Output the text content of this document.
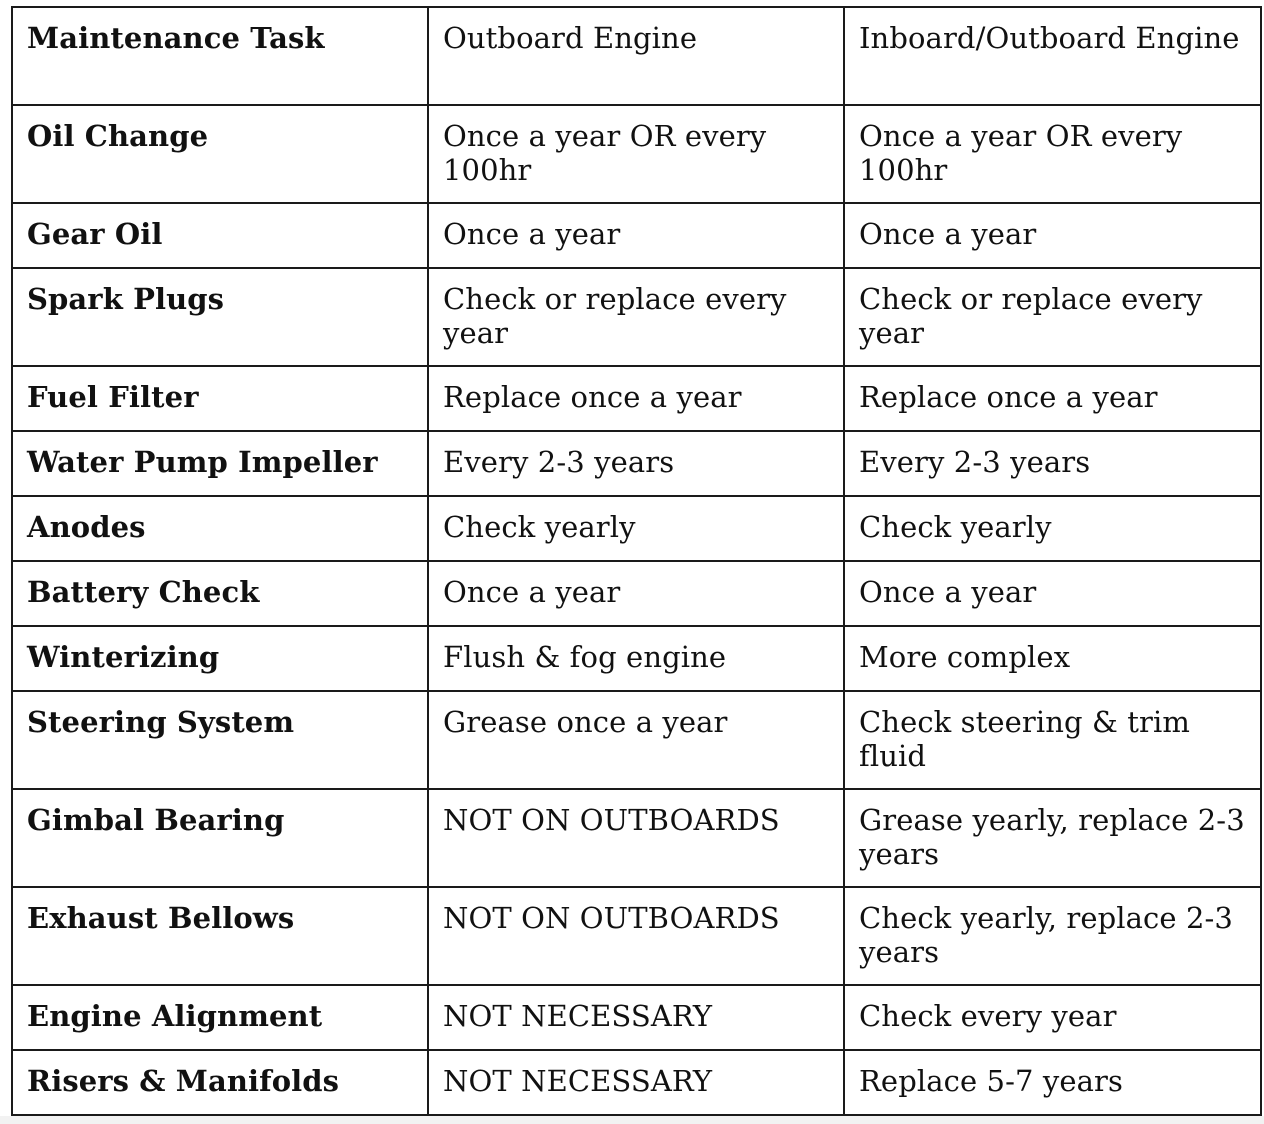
Maintenance Task	Outboard Engine	Inboard/Outboard Engine
Oil Change	Once a year OR every 100hr	Once a year OR every 100hr
Gear Oil	Once a year	Once a year
Spark Plugs	Check or replace every year	Check or replace every year
Fuel Filter	Replace once a year	Replace once a year
Water Pump Impeller	Every 2-3 years	Every 2-3 years
Anodes	Check yearly	Check yearly
Battery Check	Once a year	Once a year
Winterizing	Flush & fog engine	More complex
Steering System	Grease once a year	Check steering & trim fluid
Gimbal Bearing	NOT ON OUTBOARDS	Grease yearly, replace 2-3 years
Exhaust Bellows	NOT ON OUTBOARDS	Check yearly, replace 2-3 years
Engine Alignment	NOT NECESSARY	Check every year
Risers & Manifolds	NOT NECESSARY	Replace 5-7 years
